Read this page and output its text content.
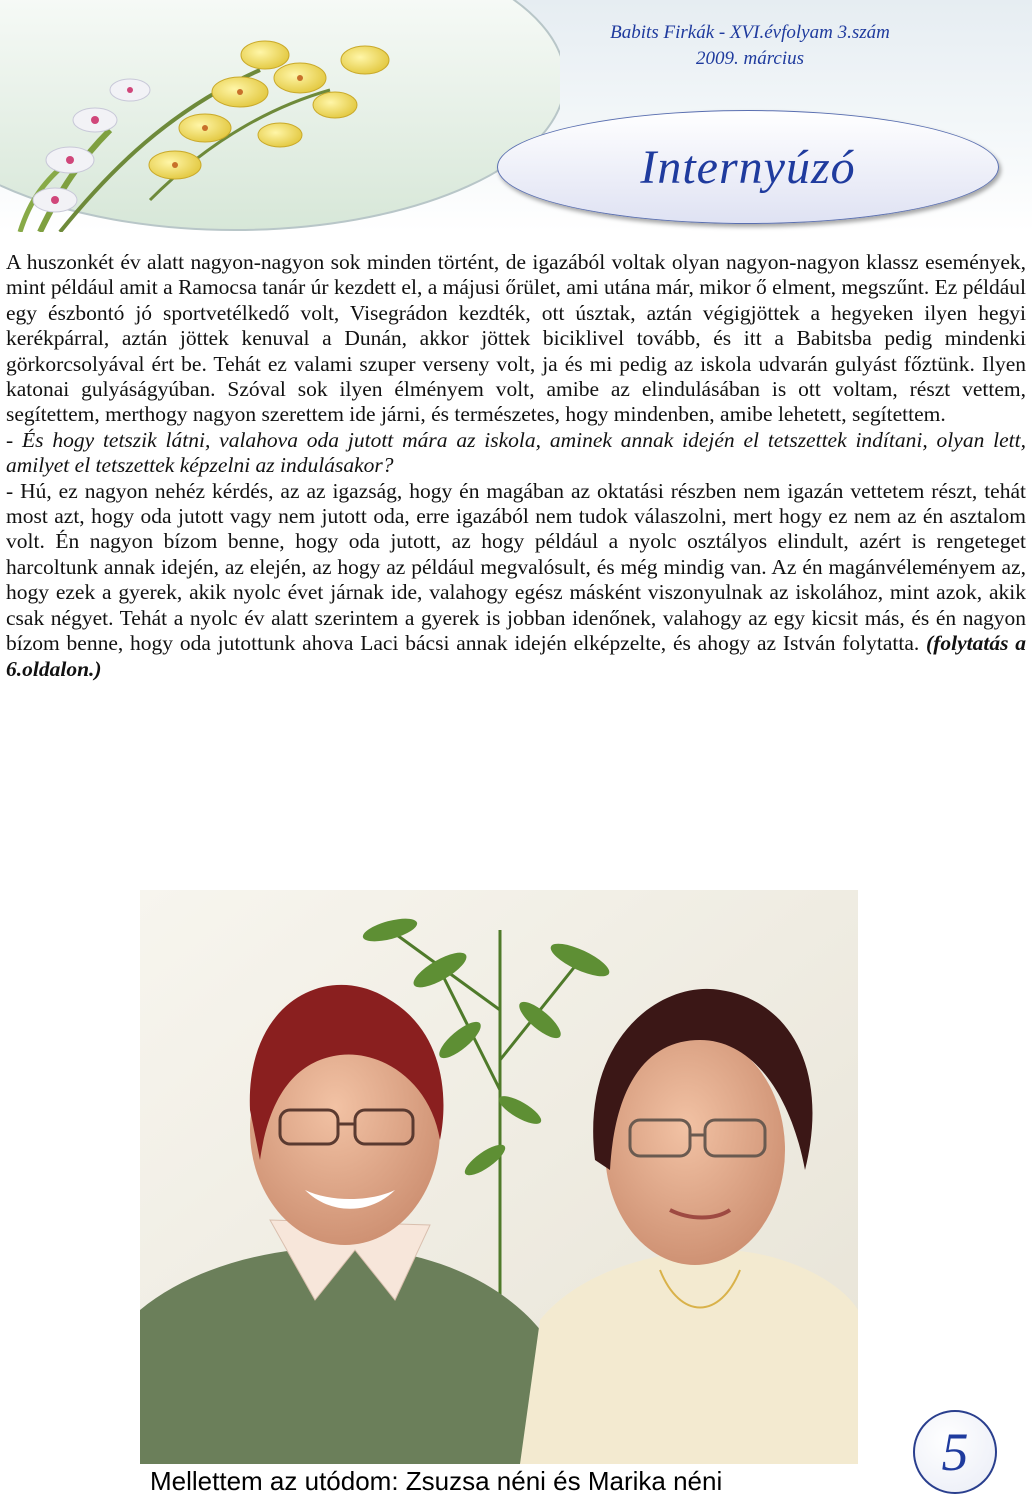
Babits Firkák - XVI.évfolyam 3.szám
2009. március
Internyúzó

A huszonkét év alatt nagyon-nagyon sok minden történt, de igazából voltak olyan nagyon-nagyon klassz események, mint például amit a Ramocsa tanár úr kezdett el, a májusi őrület, ami utána már, mikor ő elment, megszűnt. Ez például egy észbontó jó sportvetélkedő volt, Visegrádon kezdték, ott úsztak, aztán végigjöttek a hegyeken ilyen hegyi kerékpárral, aztán jöttek kenuval a Dunán, akkor jöttek biciklivel tovább, és itt a Babitsba pedig mindenki görkorcsolyával ért be. Tehát ez valami szuper verseny volt, ja és mi pedig az iskola udvarán gulyást főztünk. Ilyen katonai gulyáságyúban. Szóval sok ilyen élményem volt, amibe az elindulásában is ott voltam, részt vettem, segítettem, merthogy nagyon szerettem ide járni, és természetes, hogy mindenben, amibe lehetett, segítettem.

- És hogy tetszik látni, valahova oda jutott mára az iskola, aminek annak idején el tetszettek indítani, olyan lett, amilyet el tetszettek képzelni az indulásakor?

- Hú, ez nagyon nehéz kérdés, az az igazság, hogy én magában az oktatási részben nem igazán vettetem részt, tehát most azt, hogy oda jutott vagy nem jutott oda, erre igazából nem tudok válaszolni, mert hogy ez nem az én asztalom volt. Én nagyon bízom benne, hogy oda jutott, az hogy például a nyolc osztályos elindult, azért is rengeteget harcoltunk annak idején, az elején, az hogy az például megvalósult, és még mindig van. Az én magánvéleményem az, hogy ezek a gyerek, akik nyolc évet járnak ide, valahogy egész másként viszonyulnak az iskolához, mint azok, akik csak négyet. Tehát a nyolc év alatt szerintem a gyerek is jobban idenőnek, valahogy az egy kicsit más, és én nagyon bízom benne, hogy oda jutottunk ahova Laci bácsi annak idején elképzelte, és ahogy az István folytatta. (folytatás a 6.oldalon.)

Mellettem az utódom: Zsuzsa néni és Marika néni	5
